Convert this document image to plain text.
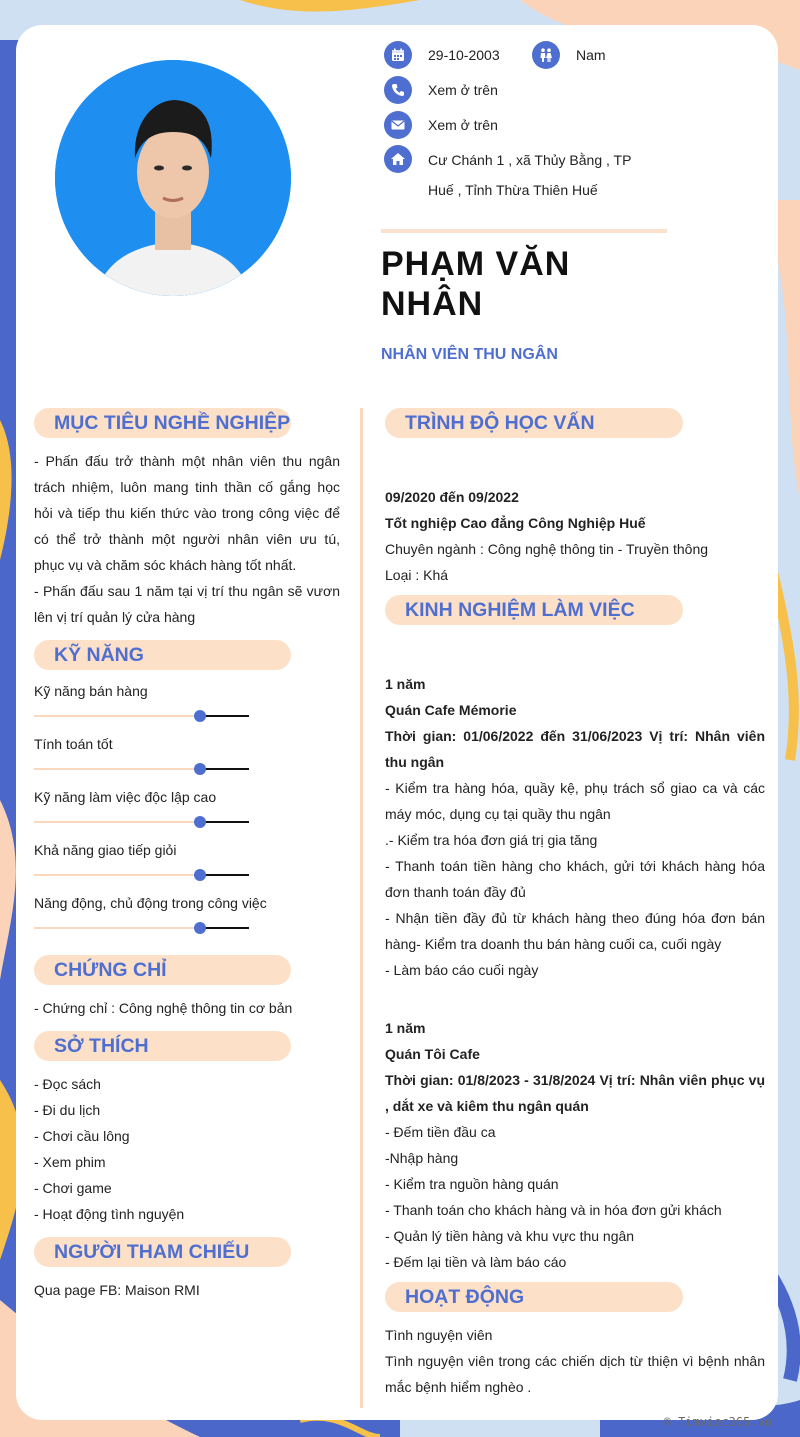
29-10-2003	Nam
Xem ở trên
Xem ở trên
Cư Chánh 1 , xã Thủy Bằng , TP
Huế , Tỉnh Thừa Thiên Huế
PHẠM VĂN
NHÂN
NHÂN VIÊN THU NGÂN
MỤC TIÊU NGHỀ NGHIỆP

- Phấn đấu trở thành một nhân viên thu ngân trách nhiệm, luôn mang tinh thần cố gắng học hỏi và tiếp thu kiến thức vào trong công việc để có thể trở thành một người nhân viên ưu tú, phục vụ và chăm sóc khách hàng tốt nhất.

- Phấn đấu sau 1 năm tại vị trí thu ngân sẽ vươn lên vị trí quản lý cửa hàng

KỸ NĂNG
Kỹ năng bán hàng
Tính toán tốt
Kỹ năng làm việc độc lập cao
Khả năng giao tiếp giỏi
Năng động, chủ động trong công việc
CHỨNG CHỈ
- Chứng chỉ : Công nghệ thông tin cơ bản
SỞ THÍCH

- Đọc sách

- Đi du lịch

- Chơi cầu lông

- Xem phim

- Chơi game

- Hoạt động tình nguyện

NGƯỜI THAM CHIẾU
Qua page FB: Maison RMI
TRÌNH ĐỘ HỌC VẤN

09/2020 đến 09/2022

Tốt nghiệp Cao đẳng Công Nghiệp Huế

Chuyên ngành : Công nghệ thông tin - Truyền thông

Loại : Khá

KINH NGHIỆM LÀM VIỆC

1 năm

Quán Cafe Mémorie

Thời gian: 01/06/2022 đến 31/06/2023 Vị trí: Nhân viên thu ngân

- Kiểm tra hàng hóa, quầy kệ, phụ trách sổ giao ca và các máy móc, dụng cụ tại quầy thu ngân

.- Kiểm tra hóa đơn giá trị gia tăng

- Thanh toán tiền hàng cho khách, gửi tới khách hàng hóa đơn thanh toán đầy đủ

- Nhận tiền đầy đủ từ khách hàng theo đúng hóa đơn bán hàng- Kiểm tra doanh thu bán hàng cuối ca, cuối ngày

- Làm báo cáo cuối ngày

1 năm

Quán Tôi Cafe

Thời gian: 01/8/2023 - 31/8/2024 Vị trí: Nhân viên phục vụ , dắt xe và kiêm thu ngân quán

- Đếm tiền đầu ca

-Nhập hàng

- Kiểm tra nguồn hàng quán

- Thanh toán cho khách hàng và in hóa đơn gửi khách

- Quản lý tiền hàng và khu vực thu ngân

- Đếm lại tiền và làm báo cáo

HOẠT ĐỘNG

Tình nguyện viên

Tình nguyện viên trong các chiến dịch từ thiện vì bệnh nhân mắc bệnh hiểm nghèo .

© Timviec365.vn
